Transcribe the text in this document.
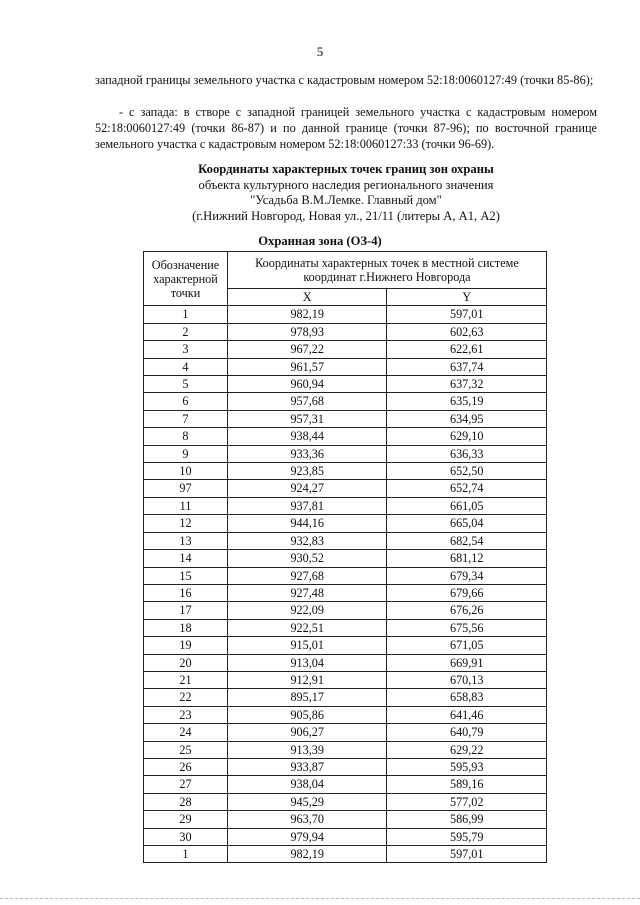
5

западной границы земельного участка с кадастровым номером 52:18:0060127:49 (точки 85-86);

- с запада: в створе с западной границей земельного участка с кадастровым номером 52:18:0060127:49 (точки 86-87) и по данной границе (точки 87-96); по восточной границе земельного участка с кадастровым номером 52:18:0060127:33 (точки 96-69).

Координаты характерных точек границ зон охраны
объекта культурного наследия регионального значения
"Усадьба В.М.Лемке. Главный дом"
(г.Нижний Новгород, Новая ул., 21/11 (литеры А, А1, А2)
Охранная зона (ОЗ-4)
Обозначение характерной точки	Координаты характерных точек в местной системе координат г.Нижнего Новгорода	
	X	Y
1	982,19	597,01
2	978,93	602,63
3	967,22	622,61
4	961,57	637,74
5	960,94	637,32
6	957,68	635,19
7	957,31	634,95
8	938,44	629,10
9	933,36	636,33
10	923,85	652,50
97	924,27	652,74
11	937,81	661,05
12	944,16	665,04
13	932,83	682,54
14	930,52	681,12
15	927,68	679,34
16	927,48	679,66
17	922,09	676,26
18	922,51	675,56
19	915,01	671,05
20	913,04	669,91
21	912,91	670,13
22	895,17	658,83
23	905,86	641,46
24	906,27	640,79
25	913,39	629,22
26	933,87	595,93
27	938,04	589,16
28	945,29	577,02
29	963,70	586,99
30	979,94	595,79
1	982,19	597,01
